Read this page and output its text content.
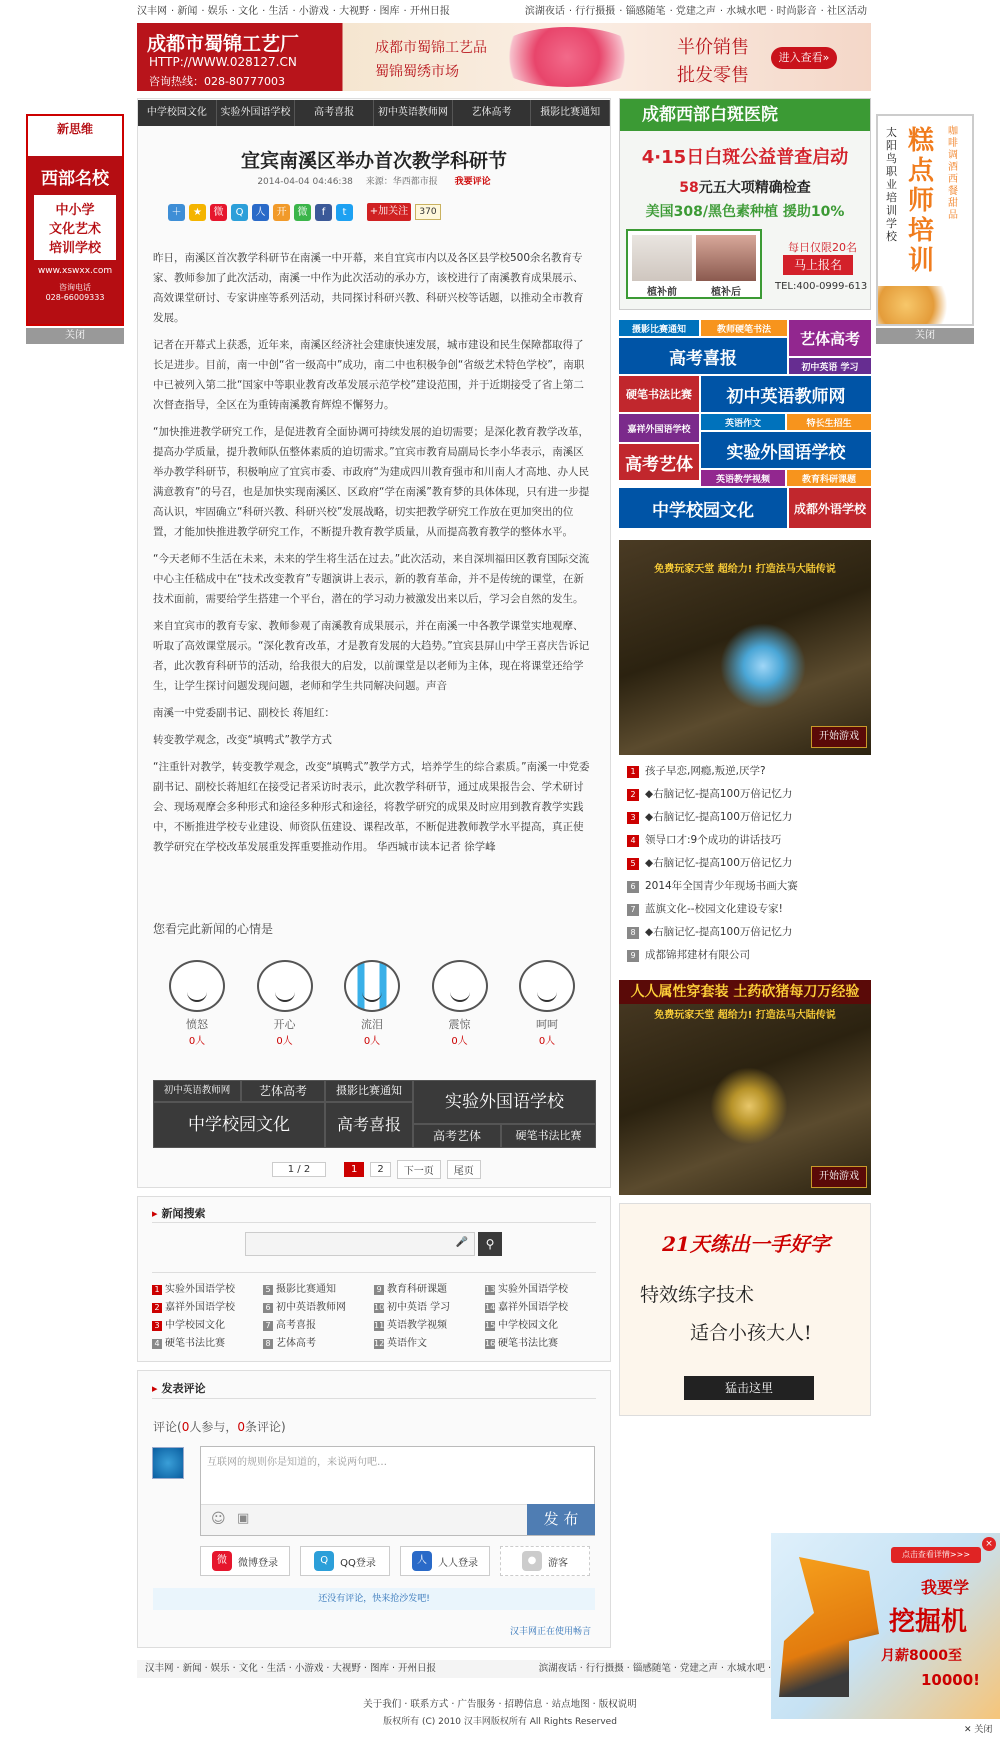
汉丰网 · 新闻 · 娱乐 · 文化 · 生活 · 小游戏 · 大视野 · 图库 · 开州日报	滨湖夜话 · 行行摄摄 · 锱感随笔 · 党建之声 · 水城水吧 · 时尚影音 · 社区活动
成都市蜀锦工艺厂
HTTP://WWW.028127.CN
咨询热线：028-80777003
成都市蜀锦工艺品
蜀锦蜀绣市场
半价销售
批发零售
进入查看»
新思维
西部名校
中小学
文化艺术
培训学校
www.xswxx.com
咨询电话
028-66009333
关闭
太阳鸟职业培训学校
糕点师培训
咖啡调酒西餐甜品
关闭
中学校园文化	实验外国语学校	高考喜报	初中英语教师网	艺体高考	摄影比赛通知
宜宾南溪区举办首次教学科研节
2014-04-04 04:46:38 来源：华西都市报 我要评论
＋	★	微	Q	人	开	微	f	t	+加关注	370

昨日，南溪区首次教学科研节在南溪一中开幕，来自宜宾市内以及各区县学校500余名教育专家、教师参加了此次活动，南溪一中作为此次活动的承办方，该校进行了南溪教育成果展示、高效课堂研讨、专家讲座等系列活动，共同探讨科研兴教、科研兴校等话题，以推动全市教育发展。

记者在开幕式上获悉，近年来，南溪区经济社会建康快速发展，城市建设和民生保障都取得了长足进步。目前，南一中创“省一级高中”成功，南二中也积极争创“省级艺术特色学校”，南职中已被列入第二批“国家中等职业教育改革发展示范学校”建设范围，并于近期接受了省上第二次督查指导，全区在为重铸南溪教育辉煌不懈努力。

“加快推进教学研究工作，是促进教育全面协调可持续发展的迫切需要；是深化教育教学改革，提高办学质量，提升教师队伍整体素质的迫切需求。”宜宾市教育局副局长李小华表示，南溪区举办教学科研节，积极响应了宜宾市委、市政府“为建成四川教育强市和川南人才高地、办人民满意教育”的号召，也是加快实现南溪区、区政府“学在南溪”教育梦的具体体现，只有进一步提高认识，牢固确立“科研兴教、科研兴校”发展战略，切实把教学研究工作放在更加突出的位置，才能加快推进教学研究工作，不断提升教育教学质量，从而提高教育教学的整体水平。

“今天老师不生活在未来，未来的学生将生活在过去。”此次活动，来自深圳福田区教育国际交流中心主任嵇成中在“技术改变教育”专题演讲上表示，新的教育革命，并不是传统的课堂，在新技术面前，需要给学生搭建一个平台，潜在的学习动力被激发出来以后，学习会自然的发生。

来自宜宾市的教育专家、教师参观了南溪教育成果展示，并在南溪一中各教学课堂实地观摩、听取了高效课堂展示。“深化教育改革，才是教育发展的大趋势。”宜宾县屏山中学王喜庆告诉记者，此次教育科研节的活动，给我很大的启发，以前课堂是以老师为主体，现在将课堂还给学生，让学生探讨问题发现问题，老师和学生共同解决问题。声音

南溪一中党委副书记、副校长 蒋旭红：

转变教学观念，改变“填鸭式”教学方式

“注重针对教学，转变教学观念，改变“填鸭式”教学方式，培养学生的综合素质。”南溪一中党委副书记、副校长蒋旭红在接受记者采访时表示，此次教学科研节，通过成果报告会、学术研讨会、现场观摩会多种形式和途径多种形式和途径，将教学研究的成果及时应用到教育教学实践中，不断推进学校专业建设、师资队伍建设、课程改革，不断促进教师教学水平提高，真正使教学研究在学校改革发展重发挥重要推动作用。 华西城市读本记者 徐学峰

您看完此新闻的心情是
愤怒
0人
开心
0人
流泪
0人
震惊
0人
呵呵
0人
初中英语教师网	艺体高考	摄影比赛通知
实验外国语学校
中学校园文化	高考喜报
高考艺体	硬笔书法比赛
1 / 2	1	2	下一页	尾页
▸ 新闻搜索
🎤	⚲
1 实验外国语学校	5 摄影比赛通知	9 教育科研课题	13 实验外国语学校
2 嘉祥外国语学校	6 初中英语教师网	10 初中英语 学习	14 嘉祥外国语学校
3 中学校园文化	7 高考喜报	11 英语教学视频	15 中学校园文化
4 硬笔书法比赛	8 艺体高考	12 英语作文	16 硬笔书法比赛
▸ 发表评论
评论(0人参与，0条评论)
互联网的规则你是知道的，来说两句吧…
☺ ▣	发 布
微	微博登录	Q	QQ登录	人	人人登录	●	游客
还没有评论，快来抢沙发吧!
汉丰网正在使用畅言
汉丰网 · 新闻 · 娱乐 · 文化 · 生活 · 小游戏 · 大视野 · 图库 · 开州日报	滨湖夜话 · 行行摄摄 · 锱感随笔 · 党建之声 · 水城水吧 ·
关于我们 · 联系方式 · 广告服务 · 招聘信息 · 站点地图 · 版权说明
版权所有 (C) 2010 汉丰网版权所有 All Rights Reserved
成都西部白斑医院
4·15日白斑公益普查启动
58元五大项精确检查
美国308/黑色素种植 援助10%
植补前	植补后
每日仅限20名
马上报名
TEL:400-0999-613
摄影比赛通知	教师硬笔书法	艺体高考
高考喜报	初中英语 学习
硬笔书法比赛	初中英语教师网
嘉祥外国语学校
英语作文	特长生招生
实验外国语学校
高考艺体
英语教学视频	教育科研课题
中学校园文化	成都外语学校
免费玩家天堂 超给力! 打造法马大陆传说
开始游戏
1 孩子早恋,网瘾,叛逆,厌学?
2 ◆右脑记忆-提高100万倍记忆力
3 ◆右脑记忆-提高100万倍记忆力
4 领导口才:9个成功的讲话技巧
5 ◆右脑记忆-提高100万倍记忆力
6 2014年全国青少年现场书画大赛
7 蓝旗文化--校园文化建设专家!
8 ◆右脑记忆-提高100万倍记忆力
9 成都锦邦建材有限公司
人人属性穿套装 土药砍猪每刀万经验
免费玩家天堂 超给力! 打造法马大陆传说
开始游戏
21天练出一手好字
特效练字技术
适合小孩大人!
猛击这里
点击查看详情>>>
我要学
挖掘机
月薪8000至
10000!
×
✕ 关闭
